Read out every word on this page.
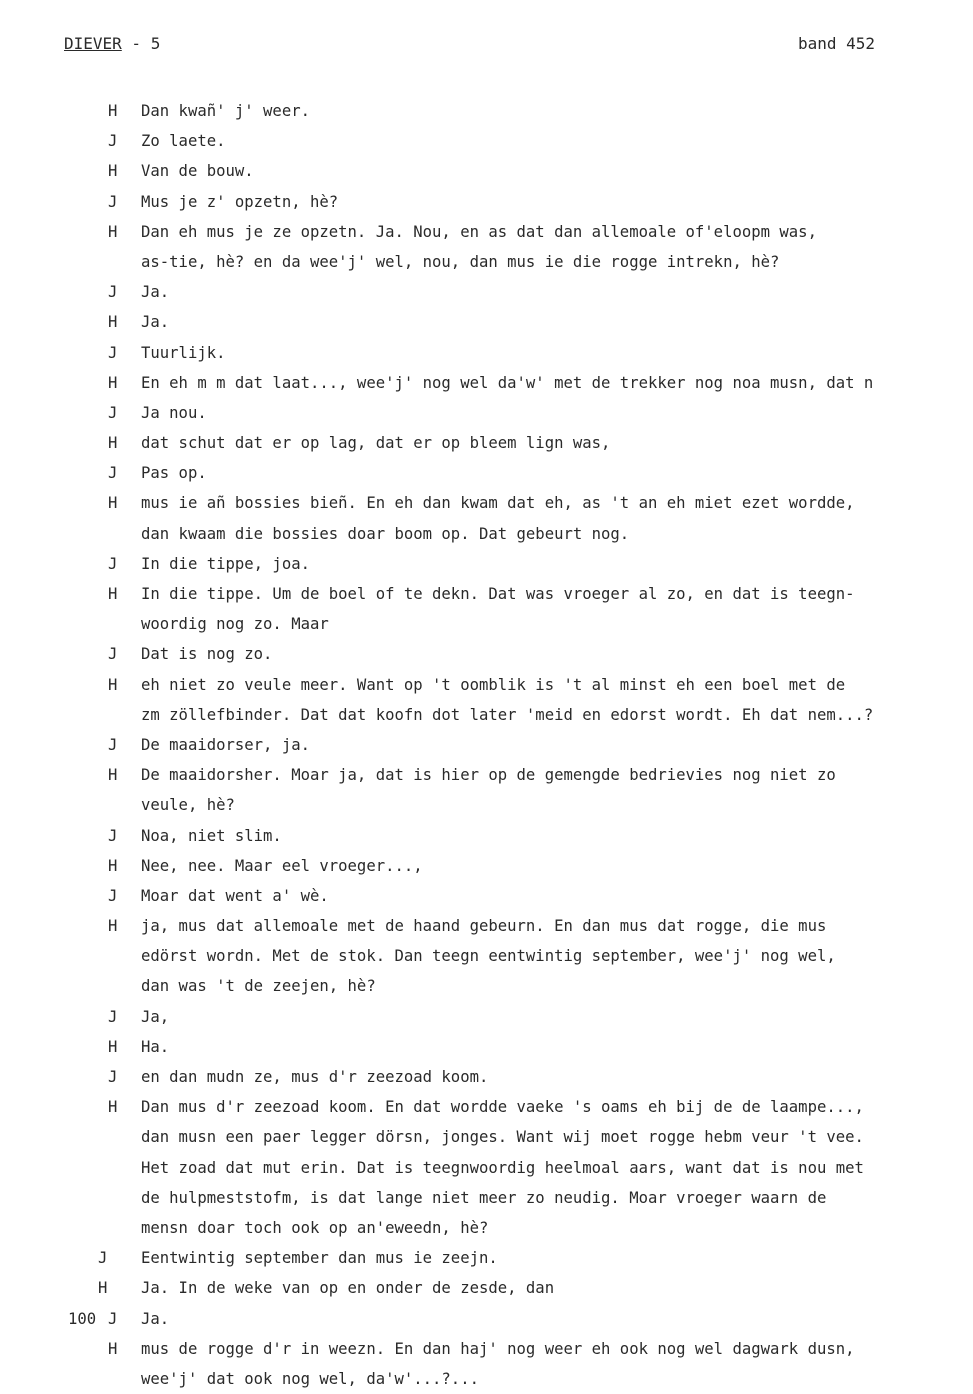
DIEVER - 5	band 452
H Dan kwañ' j' weer.
J Zo laete.
H Van de bouw.
J Mus je z' opzetn, hè?
H Dan eh mus je ze opzetn. Ja. Nou, en as dat dan allemoale of'eloopm was,
as-tie, hè? en da wee'j' wel, nou, dan mus ie die rogge intrekn, hè?
J Ja.
H Ja.
J Tuurlijk.
H En eh m m dat laat..., wee'j' nog wel da'w' met de trekker nog noa musn, dat n
J Ja nou.
H dat schut dat er op lag, dat er op bleem lign was,
J Pas op.
H mus ie añ bossies bieñ. En eh dan kwam dat eh, as 't an eh miet ezet wordde,
dan kwaam die bossies doar boom op. Dat gebeurt nog.
J In die tippe, joa.
H In die tippe. Um de boel of te dekn. Dat was vroeger al zo, en dat is teegn-
woordig nog zo. Maar
J Dat is nog zo.
H eh niet zo veule meer. Want op 't oomblik is 't al minst eh een boel met de
zm zöllefbinder. Dat dat koofn dot later 'meid en edorst wordt. Eh dat nem...?
J De maaidorser, ja.
H De maaidorsher. Moar ja, dat is hier op de gemengde bedrievies nog niet zo
veule, hè?
J Noa, niet slim.
H Nee, nee. Maar eel vroeger...,
J Moar dat went a' wè.
H ja, mus dat allemoale met de haand gebeurn. En dan mus dat rogge, die mus
edörst wordn. Met de stok. Dan teegn eentwintig september, wee'j' nog wel,
dan was 't de zeejen, hè?
J Ja,
H Ha.
J en dan mudn ze, mus d'r zeezoad koom.
H Dan mus d'r zeezoad koom. En dat wordde vaeke 's oams eh bij de de laampe...,
dan musn een paer legger dörsn, jonges. Want wij moet rogge hebm veur 't vee.
Het zoad dat mut erin. Dat is teegnwoordig heelmoal aars, want dat is nou met
de hulpmeststofm, is dat lange niet meer zo neudig. Moar vroeger waarn de
mensn doar toch ook op an'eweedn, hè?
J Eentwintig september dan mus ie zeejn.
H Ja. In de weke van op en onder de zesde, dan
100 J Ja.
H mus de rogge d'r in weezn. En dan haj' nog weer eh ook nog wel dagwark dusn,
wee'j' dat ook nog wel, da'w'...?...
